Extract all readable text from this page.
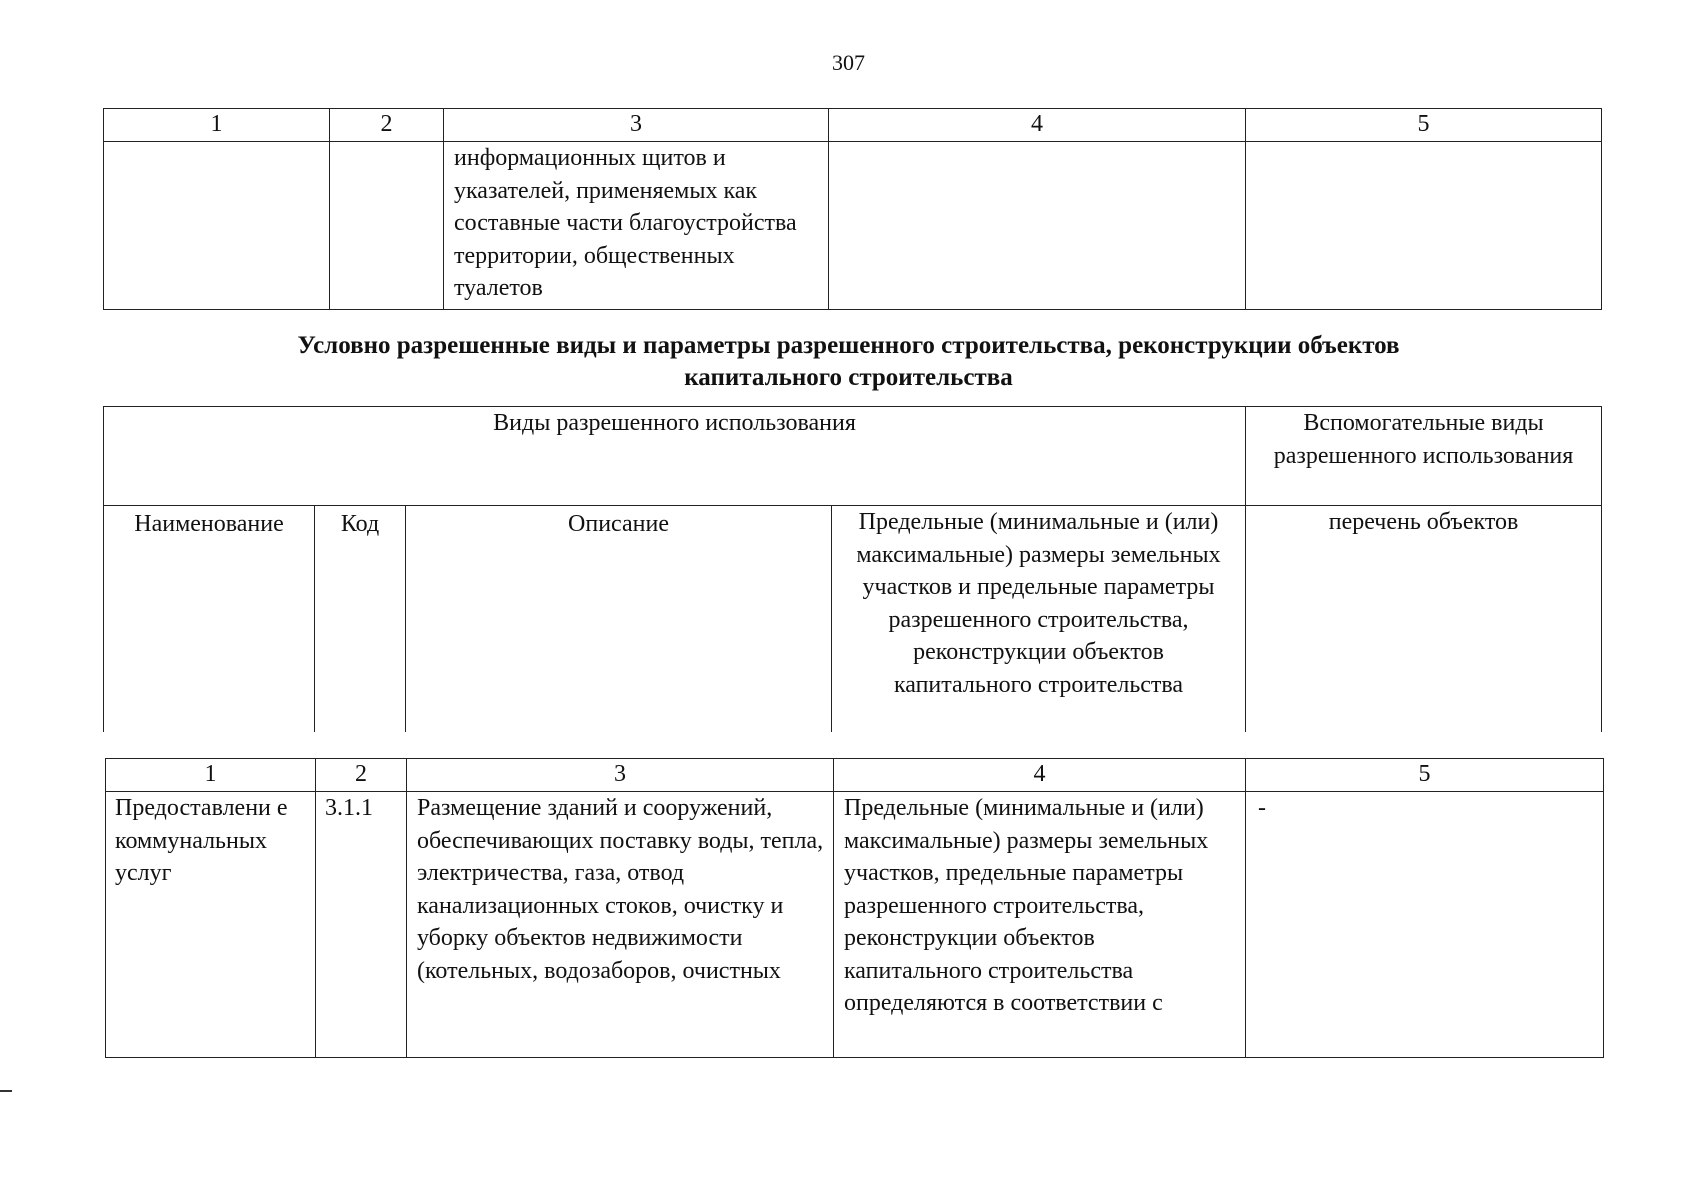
307
1	2	3	4	5
		информационных щитов и указателей, применяемых как составные части благоустройства территории, общественных туалетов		
Условно разрешенные виды и параметры разрешенного строительства, реконструкции объектов
капитального строительства
Виды разрешенного использования				Вспомогательные виды разрешенного использования
Наименование	Код	Описание	Предельные (минимальные и (или) максимальные) размеры земельных участков и предельные параметры разрешенного строительства, реконструкции объектов капитального строительства	перечень объектов
1	2	3	4	5
Предоставлени е коммунальных услуг	3.1.1	Размещение зданий и сооружений, обеспечивающих поставку воды, тепла, электричества, газа, отвод канализационных стоков, очистку и уборку объектов недвижимости (котельных, водозаборов, очистных	Предельные (минимальные и (или) максимальные) размеры земельных участков, предельные параметры разрешенного строительства, реконструкции объектов капитального строительства определяются в соответствии с	-
